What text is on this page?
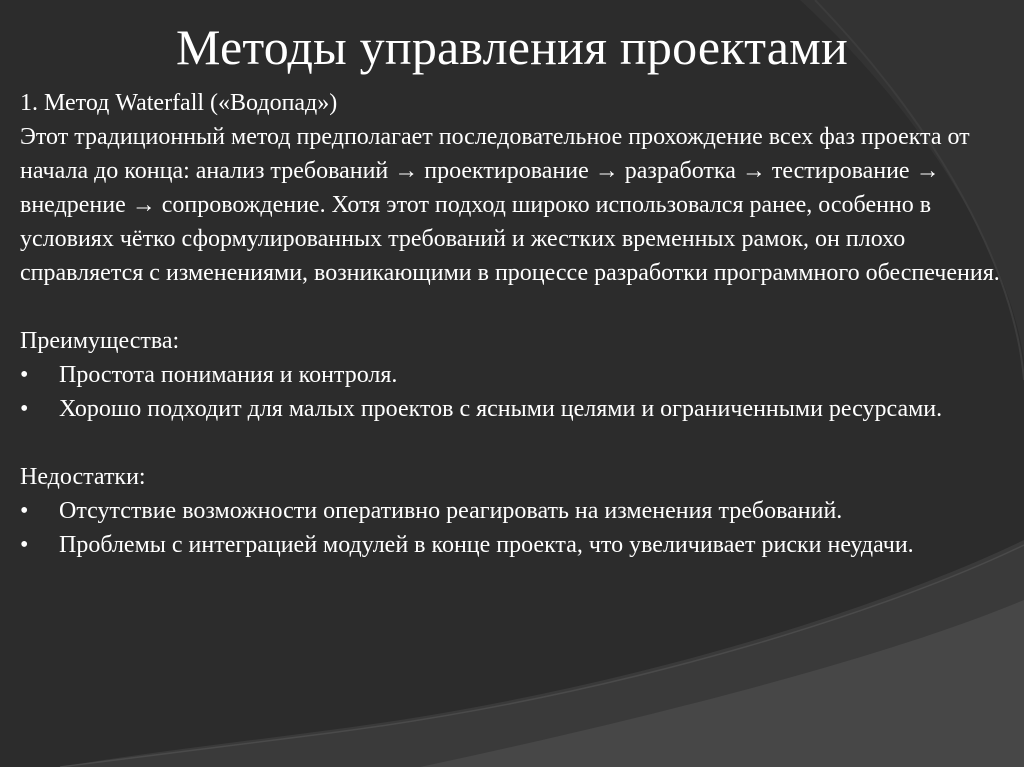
Методы управления проектами

1. Метод Waterfall («Водопад»)

Этот традиционный метод предполагает последовательное прохождение всех фаз проекта от начала до конца: анализ требований → проектирование → разработка → тестирование → внедрение → сопровождение. Хотя этот подход широко использовался ранее, особенно в условиях чётко сформулированных требований и жестких временных рамок, он плохо справляется с изменениями, возникающими в процессе разработки программного обеспечения.

Преимущества:

• Простота понимания и контроля.
• Хорошо подходит для малых проектов с ясными целями и ограниченными ресурсами.

Недостатки:

• Отсутствие возможности оперативно реагировать на изменения требований.
• Проблемы с интеграцией модулей в конце проекта, что увеличивает риски неудачи.
